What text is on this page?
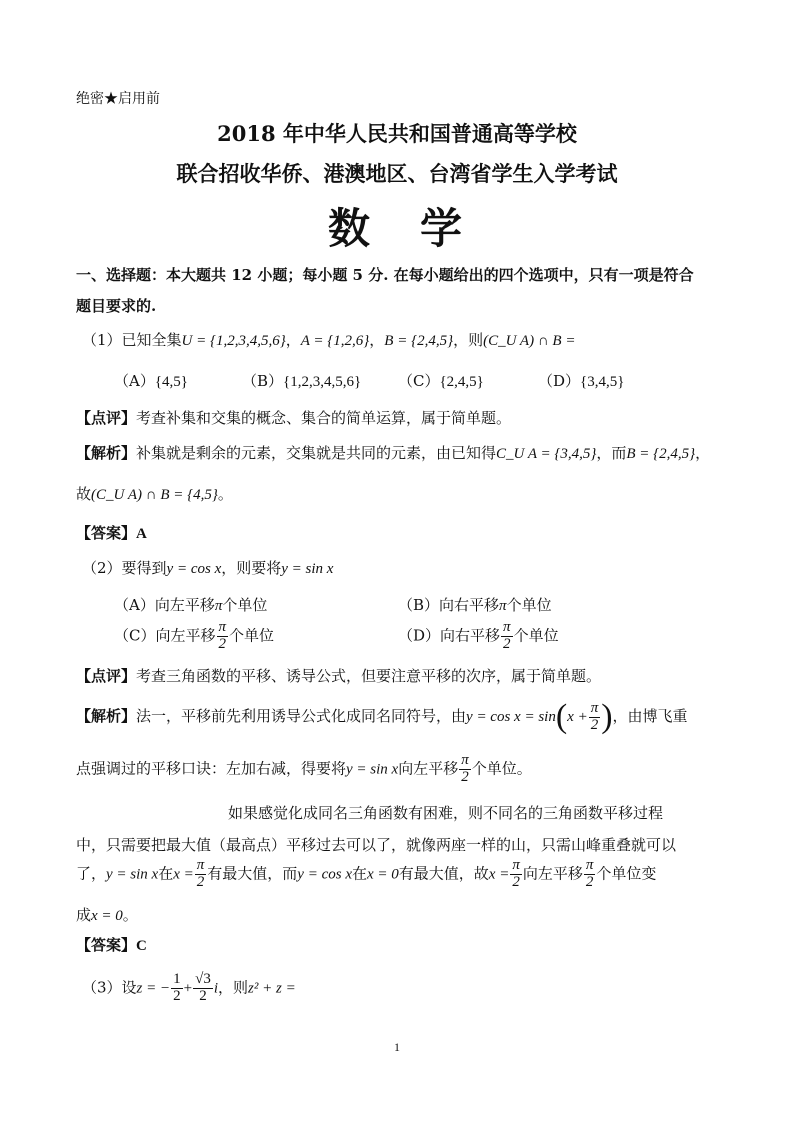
绝密★启用前
2018 年中华人民共和国普通高等学校
联合招收华侨、港澳地区、台湾省学生入学考试
数　学
一、选择题：本大题共 12 小题；每小题 5 分. 在每小题给出的四个选项中，只有一项是符合
题目要求的.
（1）已知全集U = {1,2,3,4,5,6}，A = {1,2,6}，B = {2,4,5}，则(C_U A) ∩ B =
（A）{4,5}	（B）{1,2,3,4,5,6} （C）{2,4,5}	（D）{3,4,5}
【点评】考查补集和交集的概念、集合的简单运算，属于简单题。
【解析】补集就是剩余的元素，交集就是共同的元素，由已知得C_U A = {3,4,5}，而B = {2,4,5}，
故(C_U A) ∩ B = {4,5}。
【答案】A
（2）要得到y = cos x，则要将y = sin x
（A）向左平移π个单位	（B）向右平移π个单位
（C）向左平移 $\frac{\pi}{2}$ 个单位	（D）向右平移 $\frac{\pi}{2}$ 个单位
【点评】考查三角函数的平移、诱导公式，但要注意平移的次序，属于简单题。
【解析】法一，平移前先利用诱导公式化成同名同符号，由$y = \cos x = \sin(x + \frac{\pi}{2}$ )，由博飞重
点强调过的平移口诀：左加右减，得要将y = sin x向左平移 $\frac{\pi}{2}$ 个单位。
如果感觉化成同名三角函数有困难，则不同名的三角函数平移过程
中，只需要把最大值（最高点）平移过去可以了，就像两座一样的山，只需山峰重叠就可以
了，y = sin x在$x = \frac{\pi}{2}$ 有最大值，而y = cos x在x = 0有最大值，故$x = \frac{\pi}{2}$ 向左平移 $\frac{\pi}{2}$ 个单位变
成x = 0。
【答案】C
（3）设z = − $\frac{1}{2} + \frac{√3}{2}$ i，则z² + z =
1
